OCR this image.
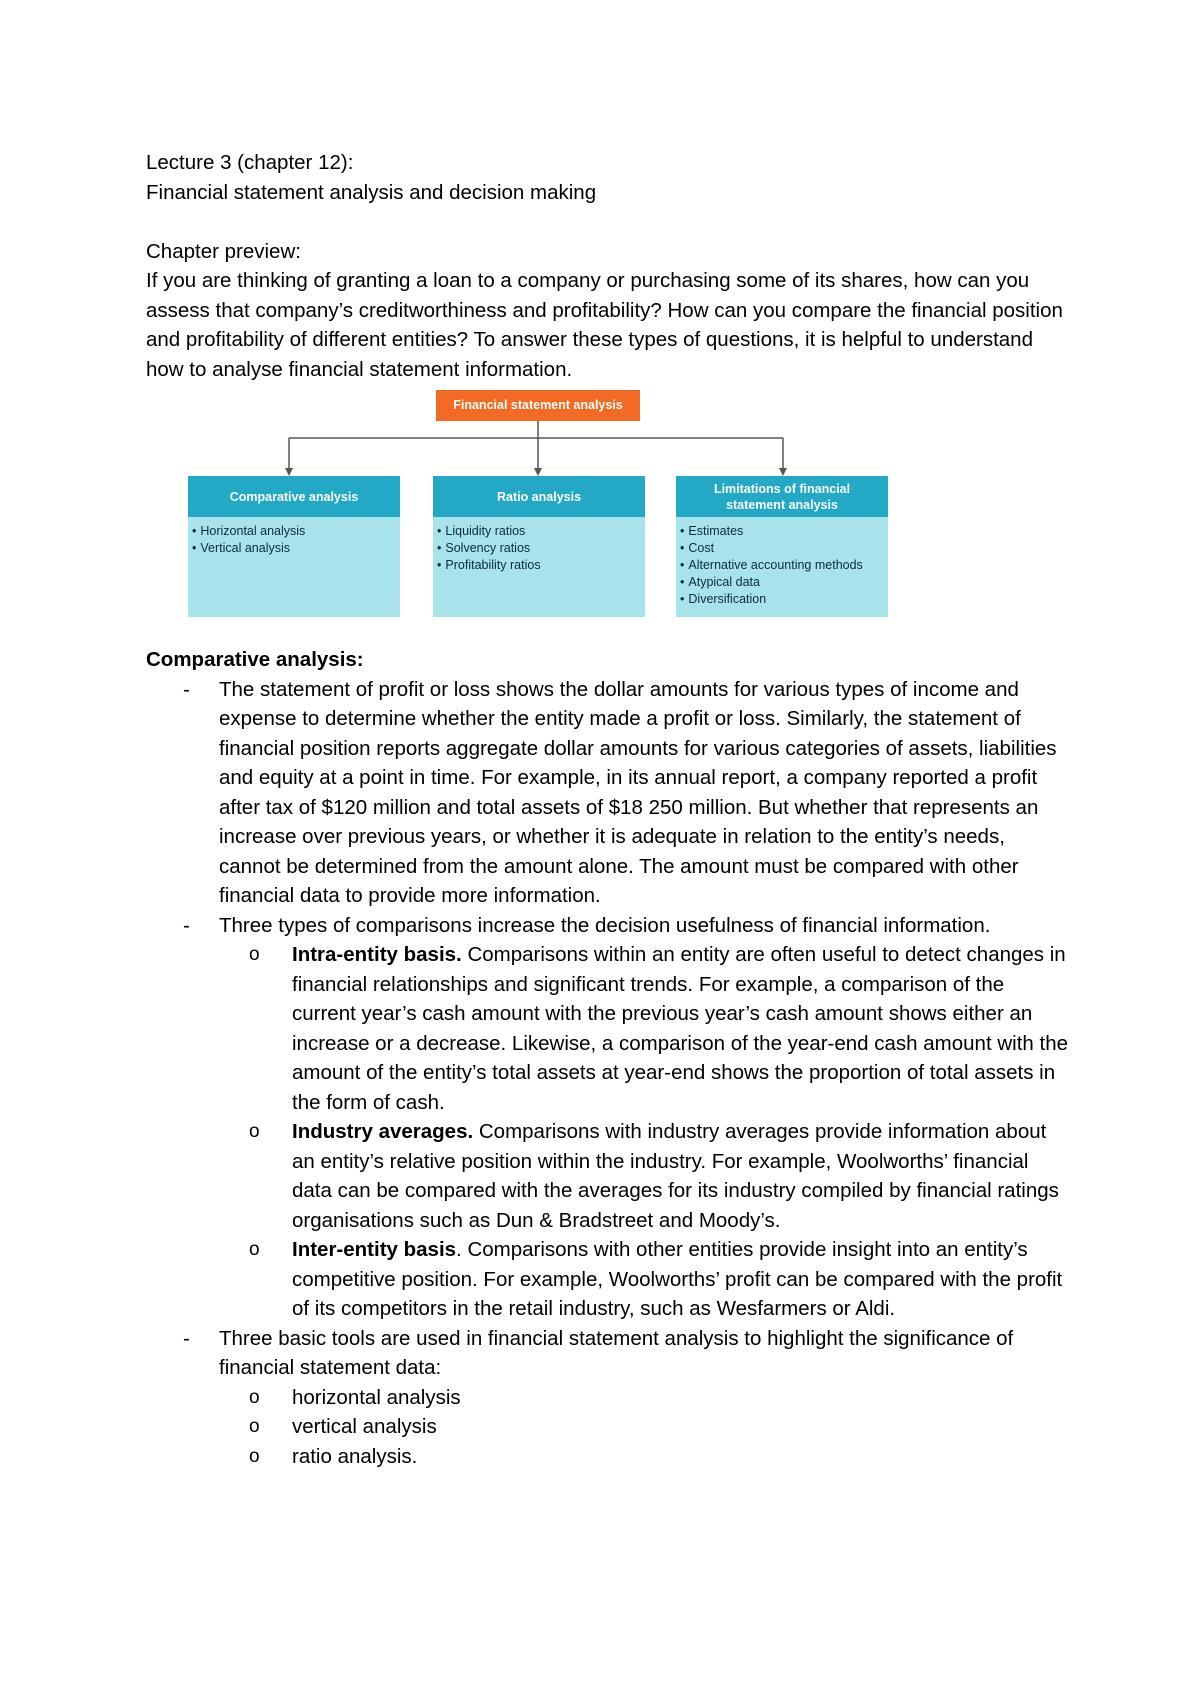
Lecture 3 (chapter 12):

Financial statement analysis and decision making

Chapter preview:

If you are thinking of granting a loan to a company or purchasing some of its shares, how can you assess that company’s creditworthiness and profitability? How can you compare the financial position and profitability of different entities? To answer these types of questions, it is helpful to understand how to analyse financial statement information.

Financial statement analysis
Comparative analysis
• Horizontal analysis
• Vertical analysis
Ratio analysis
• Liquidity ratios
• Solvency ratios
• Profitability ratios
Limitations of financial statement analysis
• Estimates
• Cost
• Alternative accounting methods
• Atypical data
• Diversification

Comparative analysis:

- The statement of profit or loss shows the dollar amounts for various types of income and expense to determine whether the entity made a profit or loss. Similarly, the statement of financial position reports aggregate dollar amounts for various categories of assets, liabilities and equity at a point in time. For example, in its annual report, a company reported a profit after tax of $120 million and total assets of $18 250 million. But whether that represents an increase over previous years, or whether it is adequate in relation to the entity’s needs, cannot be determined from the amount alone. The amount must be compared with other financial data to provide more information.
- Three types of comparisons increase the decision usefulness of financial information.
o Intra-entity basis. Comparisons within an entity are often useful to detect changes in financial relationships and significant trends. For example, a comparison of the current year’s cash amount with the previous year’s cash amount shows either an increase or a decrease. Likewise, a comparison of the year-end cash amount with the amount of the entity’s total assets at year-end shows the proportion of total assets in the form of cash.
o Industry averages. Comparisons with industry averages provide information about an entity’s relative position within the industry. For example, Woolworths’ financial data can be compared with the averages for its industry compiled by financial ratings organisations such as Dun & Bradstreet and Moody’s.
o Inter-entity basis. Comparisons with other entities provide insight into an entity’s competitive position. For example, Woolworths’ profit can be compared with the profit of its competitors in the retail industry, such as Wesfarmers or Aldi.
- Three basic tools are used in financial statement analysis to highlight the significance of financial statement data:
o horizontal analysis
o vertical analysis
o ratio analysis.
